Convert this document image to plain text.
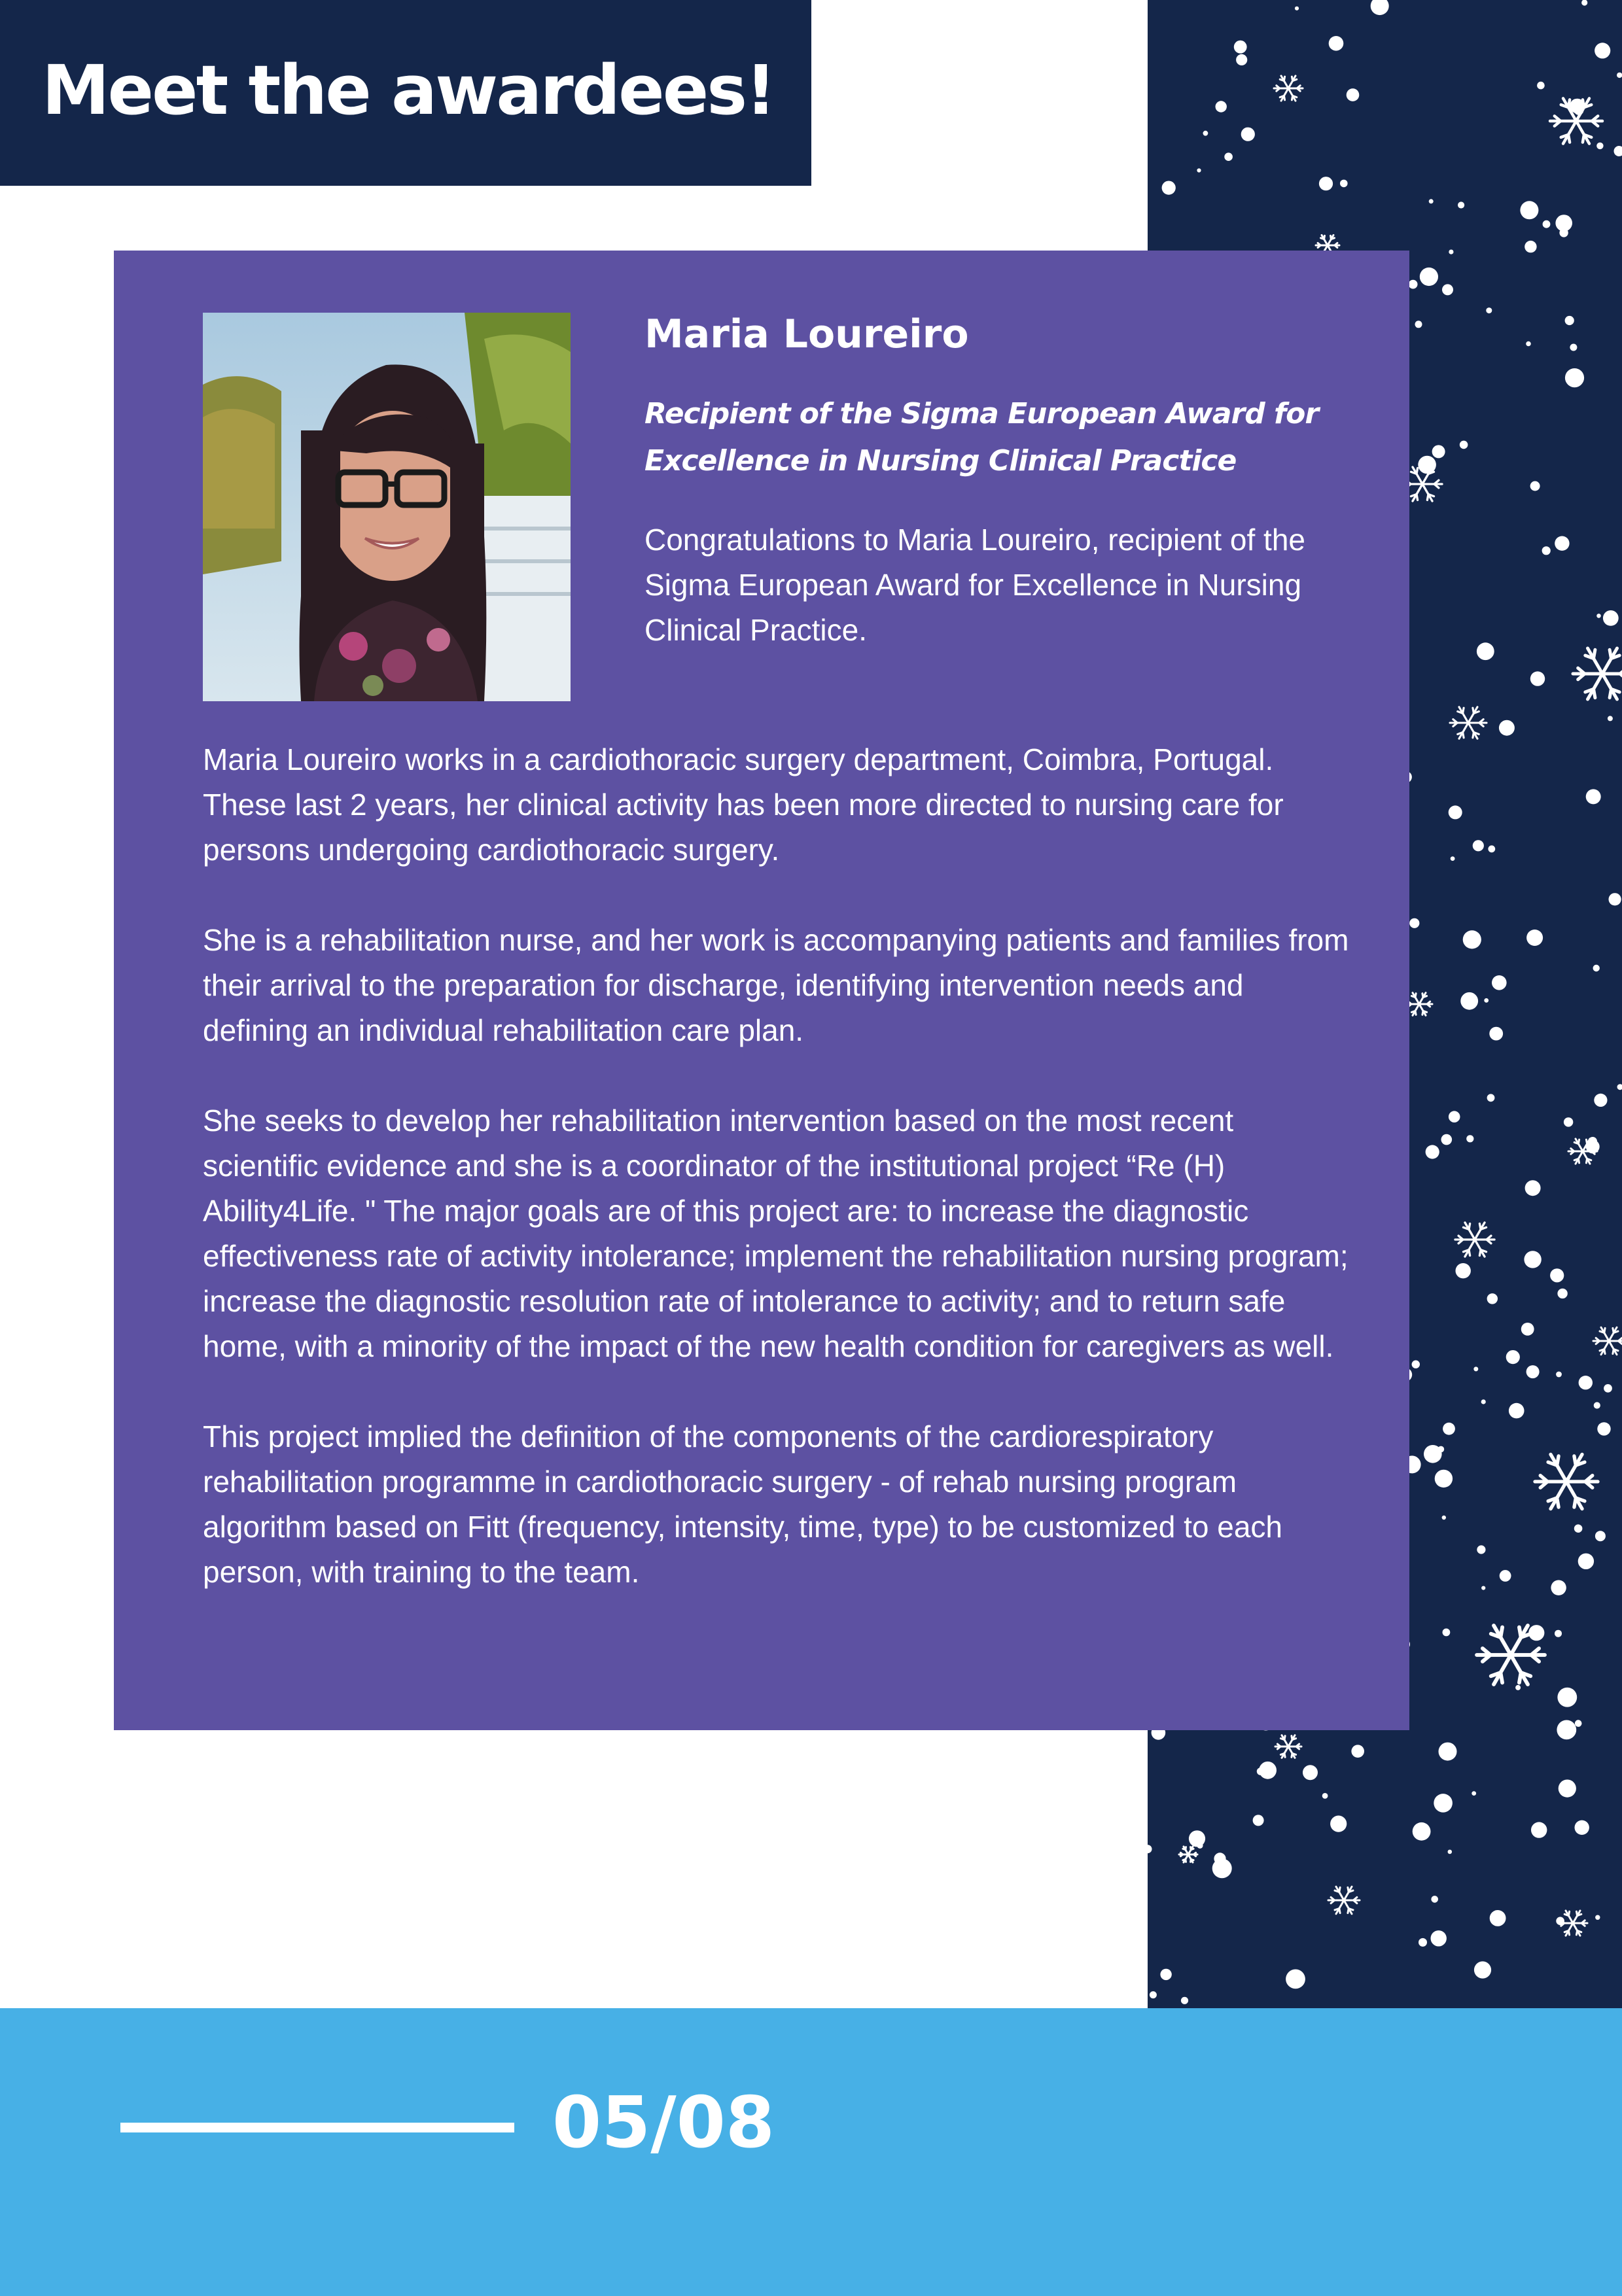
Meet the awardees!
Maria Loureiro

Recipient of the Sigma European Award for Excellence in Nursing Clinical Practice

Congratulations to Maria Loureiro, recipient of the Sigma European Award for Excellence in Nursing Clinical Practice.

Maria Loureiro works in a cardiothoracic surgery department, Coimbra, Portugal. These last 2 years, her clinical activity has been more directed to nursing care for persons undergoing cardiothoracic surgery.

She is a rehabilitation nurse, and her work is accompanying patients and families from their arrival to the preparation for discharge, identifying intervention needs and defining an individual rehabilitation care plan.

She seeks to develop her rehabilitation intervention based on the most recent scientific evidence and she is a coordinator of the institutional project “Re (H) Ability4Life. " The major goals are of this project are: to increase the diagnostic effectiveness rate of activity intolerance; implement the rehabilitation nursing program; increase the diagnostic resolution rate of intolerance to activity; and to return safe home, with a minority of the impact of the new health condition for caregivers as well.

This project implied the definition of the components of the cardiorespiratory rehabilitation programme in cardiothoracic surgery - of rehab nursing program algorithm based on Fitt (frequency, intensity, time, type) to be customized to each person, with training to the team.

05/08
